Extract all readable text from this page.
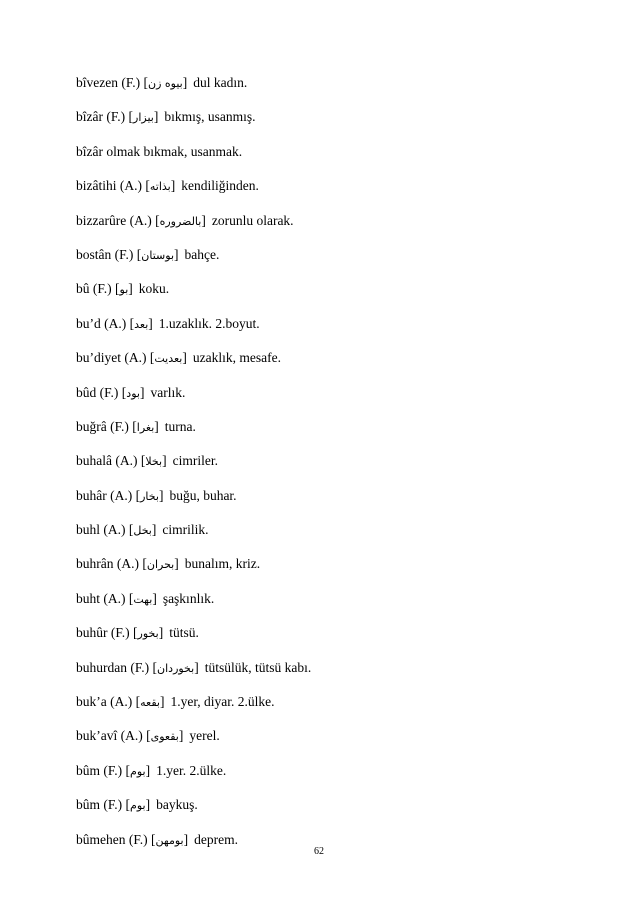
bîvezen (F.) [بیوه زن] dul kadın.
bîzâr (F.) [بیزار] bıkmış, usanmış.
bîzâr olmak bıkmak, usanmak.
bizâtihi (A.) [بذاته] kendiliğinden.
bizzarûre (A.) [بالضروره] zorunlu olarak.
bostân (F.) [بوستان] bahçe.
bû (F.) [بو] koku.
bu’d (A.) [بعد] 1.uzaklık. 2.boyut.
bu’diyet (A.) [بعدیت] uzaklık, mesafe.
bûd (F.) [بود] varlık.
buğrâ (F.) [بغرا] turna.
buhalâ (A.) [بخلا] cimriler.
buhâr (A.) [بخار] buğu, buhar.
buhl (A.) [بخل] cimrilik.
buhrân (A.) [بحران] bunalım, kriz.
buht (A.) [بهت] şaşkınlık.
buhûr (F.) [بخور] tütsü.
buhurdan (F.) [بخوردان] tütsülük, tütsü kabı.
buk’a (A.) [بقعه] 1.yer, diyar. 2.ülke.
buk’avî (A.) [بقعوی] yerel.
bûm (F.) [بوم] 1.yer. 2.ülke.
bûm (F.) [بوم] baykuş.
bûmehen (F.) [بومهن] deprem.
62
